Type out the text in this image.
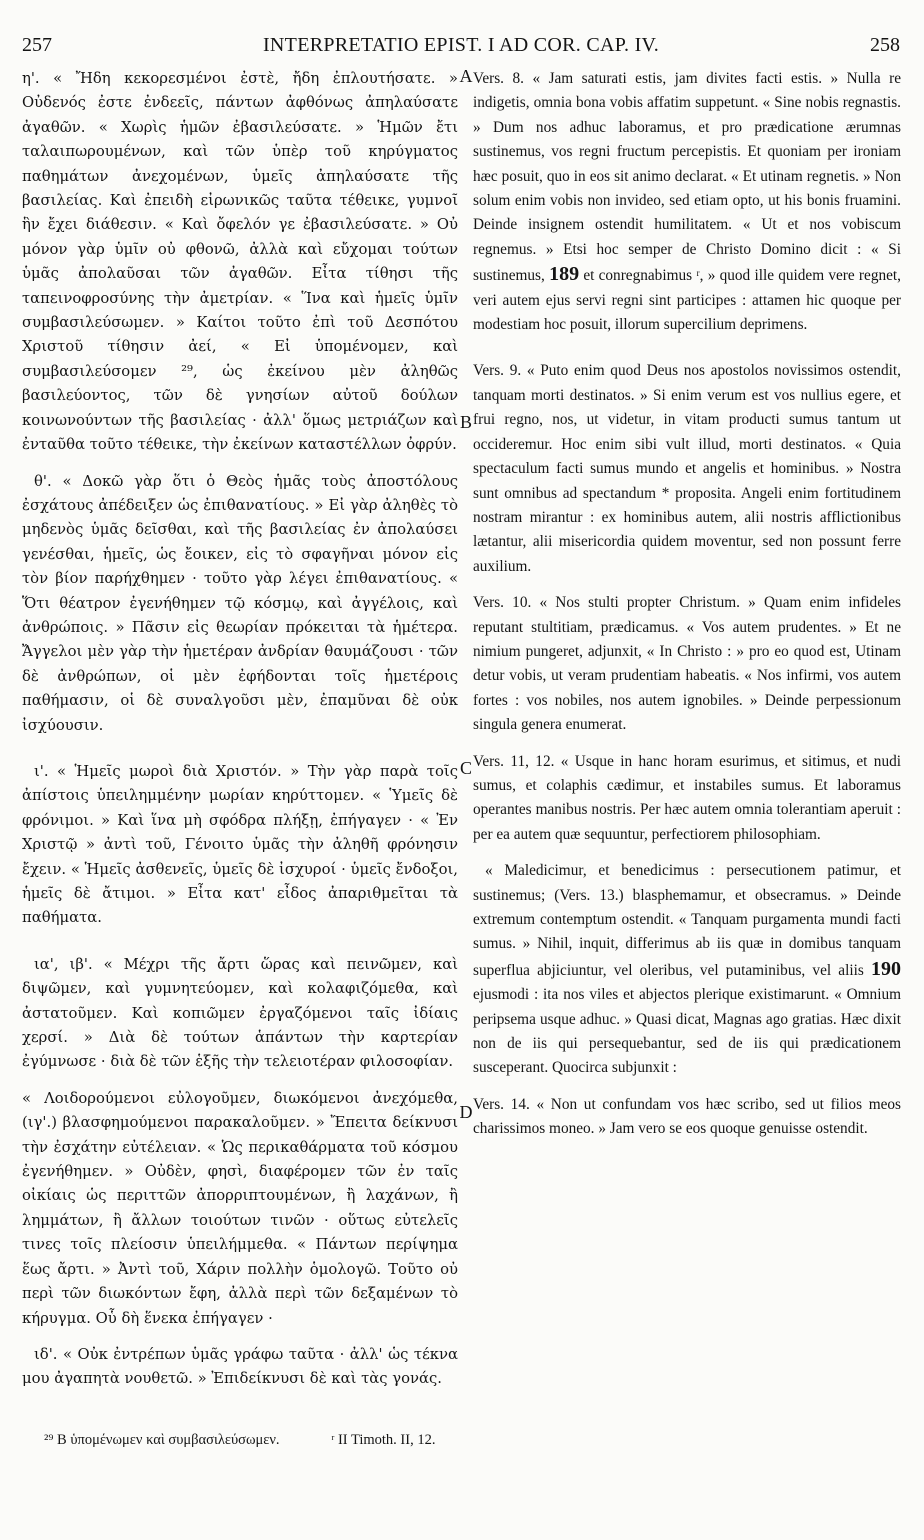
257	INTERPRETATIO EPIST. I AD COR. CAP. IV.	258

η'. « Ἤδη κεκορεσμένοι ἐστὲ, ἤδη ἐπλουτήσατε. » Οὐδενός ἐστε ἐνδεεῖς, πάντων ἀφθόνως ἀπηλαύσατε ἀγαθῶν. « Χωρὶς ἡμῶν ἐβασιλεύσατε. » Ἡμῶν ἔτι ταλαιπωρουμένων, καὶ τῶν ὑπὲρ τοῦ κηρύγματος παθημάτων ἀνεχομένων, ὑμεῖς ἀπηλαύσατε τῆς βασιλείας. Καὶ ἐπειδὴ εἰρωνικῶς ταῦτα τέθεικε, γυμνοῖ ἣν ἔχει διάθεσιν. « Καὶ ὄφελόν γε ἐβασιλεύσατε. » Οὐ μόνον γὰρ ὑμῖν οὐ φθονῶ, ἀλλὰ καὶ εὔχομαι τούτων ὑμᾶς ἀπολαῦσαι τῶν ἀγαθῶν. Εἶτα τίθησι τῆς ταπεινοφροσύνης τὴν ἀμετρίαν. « Ἵνα καὶ ἡμεῖς ὑμῖν συμβασιλεύσωμεν. » Καίτοι τοῦτο ἐπὶ τοῦ Δεσπότου Χριστοῦ τίθησιν ἀεί, « Εἰ ὑπομένομεν, καὶ συμβασιλεύσομεν ²⁹, ὡς ἐκείνου μὲν ἀληθῶς βασιλεύοντος, τῶν δὲ γνησίων αὐτοῦ δούλων κοινωνούντων τῆς βασιλείας · ἀλλ' ὅμως μετριάζων καὶ ἐνταῦθα τοῦτο τέθεικε, τὴν ἐκείνων καταστέλλων ὀφρύν.

θ'. « Δοκῶ γὰρ ὅτι ὁ Θεὸς ἡμᾶς τοὺς ἀποστόλους ἐσχάτους ἀπέδειξεν ὡς ἐπιθανατίους. » Εἰ γὰρ ἀληθὲς τὸ μηδενὸς ὑμᾶς δεῖσθαι, καὶ τῆς βασιλείας ἐν ἀπολαύσει γενέσθαι, ἡμεῖς, ὡς ἔοικεν, εἰς τὸ σφαγῆναι μόνον εἰς τὸν βίον παρήχθημεν · τοῦτο γὰρ λέγει ἐπιθανατίους. « Ὅτι θέατρον ἐγενήθημεν τῷ κόσμῳ, καὶ ἀγγέλοις, καὶ ἀνθρώποις. » Πᾶσιν εἰς θεωρίαν πρόκειται τὰ ἡμέτερα. Ἄγγελοι μὲν γὰρ τὴν ἡμετέραν ἀνδρίαν θαυμάζουσι · τῶν δὲ ἀνθρώπων, οἱ μὲν ἐφήδονται τοῖς ἡμετέροις παθήμασιν, οἱ δὲ συναλγοῦσι μὲν, ἐπαμῦναι δὲ οὐκ ἰσχύουσιν.

ι'. « Ἡμεῖς μωροὶ διὰ Χριστόν. » Τὴν γὰρ παρὰ τοῖς ἀπίστοις ὑπειλημμένην μωρίαν κηρύττομεν. « Ὑμεῖς δὲ φρόνιμοι. » Καὶ ἵνα μὴ σφόδρα πλήξῃ, ἐπήγαγεν · « Ἐν Χριστῷ » ἀντὶ τοῦ, Γένοιτο ὑμᾶς τὴν ἀληθῆ φρόνησιν ἔχειν. « Ἡμεῖς ἀσθενεῖς, ὑμεῖς δὲ ἰσχυροί · ὑμεῖς ἔνδοξοι, ἡμεῖς δὲ ἄτιμοι. » Εἶτα κατ' εἶδος ἀπαριθμεῖται τὰ παθήματα.

ια', ιβ'. « Μέχρι τῆς ἄρτι ὥρας καὶ πεινῶμεν, καὶ διψῶμεν, καὶ γυμνητεύομεν, καὶ κολαφιζόμεθα, καὶ ἀστατοῦμεν. Καὶ κοπιῶμεν ἐργαζόμενοι ταῖς ἰδίαις χερσί. » Διὰ δὲ τούτων ἁπάντων τὴν καρτερίαν ἐγύμνωσε · διὰ δὲ τῶν ἑξῆς τὴν τελειοτέραν φιλοσοφίαν.

« Λοιδορούμενοι εὐλογοῦμεν, διωκόμενοι ἀνεχόμεθα, (ιγ'.) βλασφημούμενοι παρακαλοῦμεν. » Ἔπειτα δείκνυσι τὴν ἐσχάτην εὐτέλειαν. « Ὡς περικαθάρματα τοῦ κόσμου ἐγενήθημεν. » Οὐδὲν, φησὶ, διαφέρομεν τῶν ἐν ταῖς οἰκίαις ὡς περιττῶν ἀπορριπτουμένων, ἢ λαχάνων, ἢ λημμάτων, ἢ ἄλλων τοιούτων τινῶν · οὕτως εὐτελεῖς τινες τοῖς πλείοσιν ὑπειλήμμεθα. « Πάντων περίψημα ἕως ἄρτι. » Ἀντὶ τοῦ, Χάριν πολλὴν ὁμολογῶ. Τοῦτο οὐ περὶ τῶν διωκόντων ἔφη, ἀλλὰ περὶ τῶν δεξαμένων τὸ κήρυγμα. Οὗ δὴ ἕνεκα ἐπήγαγεν ·

ιδ'. « Οὐκ ἐντρέπων ὑμᾶς γράφω ταῦτα · ἀλλ' ὡς τέκνα μου ἀγαπητὰ νουθετῶ. » Ἐπιδείκνυσι δὲ καὶ τὰς γονάς.

A
B
C
D

Vers. 8. « Jam saturati estis, jam divites facti estis. » Nulla re indigetis, omnia bona vobis affatim suppetunt. « Sine nobis regnastis. » Dum nos adhuc laboramus, et pro prædicatione ærumnas sustinemus, vos regni fructum percepistis. Et quoniam per ironiam hæc posuit, quo in eos sit animo declarat. « Et utinam regnetis. » Non solum enim vobis non invideo, sed etiam opto, ut his bonis fruamini. Deinde insignem ostendit humilitatem. « Ut et nos vobiscum regnemus. » Etsi hoc semper de Christo Domino dicit : « Si sustinemus, 189 et conregnabimus ʳ, » quod ille quidem vere regnet, veri autem ejus servi regni sint participes : attamen hic quoque per modestiam hoc posuit, illorum supercilium deprimens.

Vers. 9. « Puto enim quod Deus nos apostolos novissimos ostendit, tanquam morti destinatos. » Si enim verum est vos nullius egere, et frui regno, nos, ut videtur, in vitam producti sumus tantum ut occideremur. Hoc enim sibi vult illud, morti destinatos. « Quia spectaculum facti sumus mundo et angelis et hominibus. » Nostra sunt omnibus ad spectandum * proposita. Angeli enim fortitudinem nostram mirantur : ex hominibus autem, alii nostris afflictionibus lætantur, alii misericordia quidem moventur, sed non possunt ferre auxilium.

Vers. 10. « Nos stulti propter Christum. » Quam enim infideles reputant stultitiam, prædicamus. « Vos autem prudentes. » Et ne nimium pungeret, adjunxit, « In Christo : » pro eo quod est, Utinam detur vobis, ut veram prudentiam habeatis. « Nos infirmi, vos autem fortes : vos nobiles, nos autem ignobiles. » Deinde perpessionum singula genera enumerat.

Vers. 11, 12. « Usque in hanc horam esurimus, et sitimus, et nudi sumus, et colaphis cædimur, et instabiles sumus. Et laboramus operantes manibus nostris. Per hæc autem omnia tolerantiam aperuit : per ea autem quæ sequuntur, perfectiorem philosophiam.

« Maledicimur, et benedicimus : persecutionem patimur, et sustinemus; (Vers. 13.) blasphemamur, et obsecramus. » Deinde extremum contemptum ostendit. « Tanquam purgamenta mundi facti sumus. » Nihil, inquit, differimus ab iis quæ in domibus tanquam superflua abjiciuntur, vel oleribus, vel putaminibus, vel aliis 190 ejusmodi : ita nos viles et abjectos plerique existimarunt. « Omnium peripsema usque adhuc. » Quasi dicat, Magnas ago gratias. Hæc dixit non de iis qui persequebantur, sed de iis qui prædicationem susceperant. Quocirca subjunxit :

Vers. 14. « Non ut confundam vos hæc scribo, sed ut filios meos charissimos moneo. » Jam vero se eos quoque genuisse ostendit.

²⁹ B ὑπομένωμεν καὶ συμβασιλεύσωμεν.	ʳ II Timoth. II, 12.
